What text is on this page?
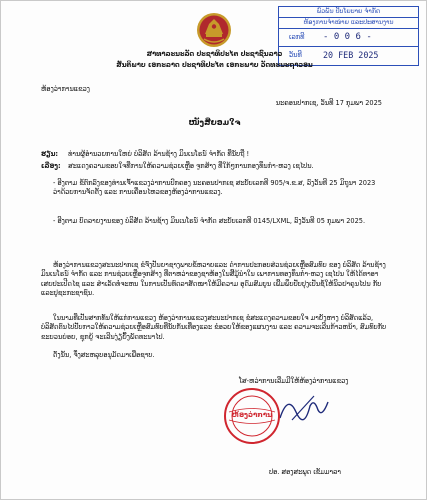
ພົວພັນ ປັບໂຍບາຍ ຈຳກັດ
ຫ້ອງການຈຳໜ່າຍ ແລະປະສານງານ
ເລກທີ	- 0 0 6 -
ວັນທີ	20 FEB 2025
ສາທາລະນະລັດ ປະຊາທິປະໄຕ ປະຊາຊົນລາວ
ສັນຕິພາບ ເອກະລາດ ປະຊາທິປະໄຕ ເອກະພາບ ວັດທະນະຖາວອນ
ຫ້ອງວ່າການແຂວງ
ນະຄອນປາກເຊ, ວັນທີ 17 ກຸມພາ 2025
ໜັງສືຍອມໃຈ
ຮຽນ: ທ່ານຜູ້ອຳນວຍການໃຫຍ່ ບໍລິສັດ ລ້ານຊ້າງ ມິນເນໂຣນ໌ ຈຳກັດ ທີ່ນັບຖື !
ເລື່ອງ: ສະແດງຄວາມຂອບໃຈທີ່ການໃຫ້ຄວາມຊ່ວຍເຫຼືອ ຈູກສ້າງ ທີ່ໃກ້ໆການກອງທຶນກຳ-ຫວງ ເຊໄປນ.
- ອີງຕາມ ຂໍ້ຕົກລົງຂອງທ່ານເຈົ້າແຂວງວ່າການປົກຄອງ ນະຄອນປາກເຊ ສະບັບເລກທີ 905/ຈ.ຂ.ສ, ລົງວັນທີ 25 ມິຖຸນາ 2023 ວ່າດ້ວຍການຈັດຕັ້ງ ແລະ ການເຄື່ອນໄຫວຂອງຫ້ອງວ່າການແຂວງ.
- ອີງຕາມ ບົດລາຍງານຂອງ ບໍລິສັດ ລ້ານຊ້າງ ມິນເນໂຣນ໌ ຈຳກັດ ສະບັບເລກທີ 0145/LXML, ລົງວັນທີ 05 ກຸມພາ 2025.
ຫ້ອງວ່າການແຂວງສະນະປາກເຊ ຂໍຈົ່ງປັນຍາຊາງພາບຂໍ້ຫວາຍແລະ ດຳການປະກອບສ່ວນຊ່ວຍເຫຼືອສົມທົບ ຂອງ ບໍລິສັດ ລ້ານຊ້າງ ມິນເນໂຣນ໌ ຈຳກັດ ແລະ ການຊ່ວຍເຫຼືອຈູກສ້າງ ທີ່ຕາຫວ່າຂອງຊາຫ້ອງໃນສີ້ມູ້ນຳໃນ ເພາການທອງທຶນກຳ-ຫວງ ເຊໄປນ ໃຫ້ໄດ້ທາອາເສຍປະເປີດໄຊ ແລະ ສຳເລັດທໍ່ຈະຫນ ໃນການເປັນທົດລາສັດໜາໃຫ້ມີຄວາມ ອຸດົມສົມບູນ ເພີ້ມພຶບປັບປຸງເປັນຊໍ້ໃຫ້ນິວຢາຄູນໄປນ ກັບ ແລະປູຊະກະຊາຊົນ.
ໃນນາມທີ່ເປັນສາກທັນໃຫ້ແກ່ການແຂວງ ຫ້ອງວ່າການແຂວງສະນະປາກເຊ ຂໍສະແດງຄວາມຂອບໃຈ ມາຍັງຫາງ ບໍລິສັດແລ້ວ, ບໍລິສັດຕົນໄປປັບກາວໃຫ້ຄວາມຊ່ວຍເຫຼືອສົມທົບທີ່ນັບກັນເທື່ອງແລະ ຂໍອວຍໃຫ້ຂອງແຜນງານ ແລະ ຄວາມຈະເລີນກ້າວຫນ້າ, ສົມທົບກັບຂະບວນຍ່ອຍ, ຊຸກຍູ້ ຈະເລີນງ່ຽຍຶ້ງພັດທະນາໄປ.
ດັ່ງນັ້ນ, ຈຶ່ງສະຫລຸບອນຸມັດມາເພື່ອຊາບ.
ໂສ-ຫວ່າການເລີ່ມມີໃຫ້ຫ້ອງວ່າການແຂວງ
ຫ້ອງວ່າການ
ປອ. ສອງສະພຸດ ເຂັມມາລາ
